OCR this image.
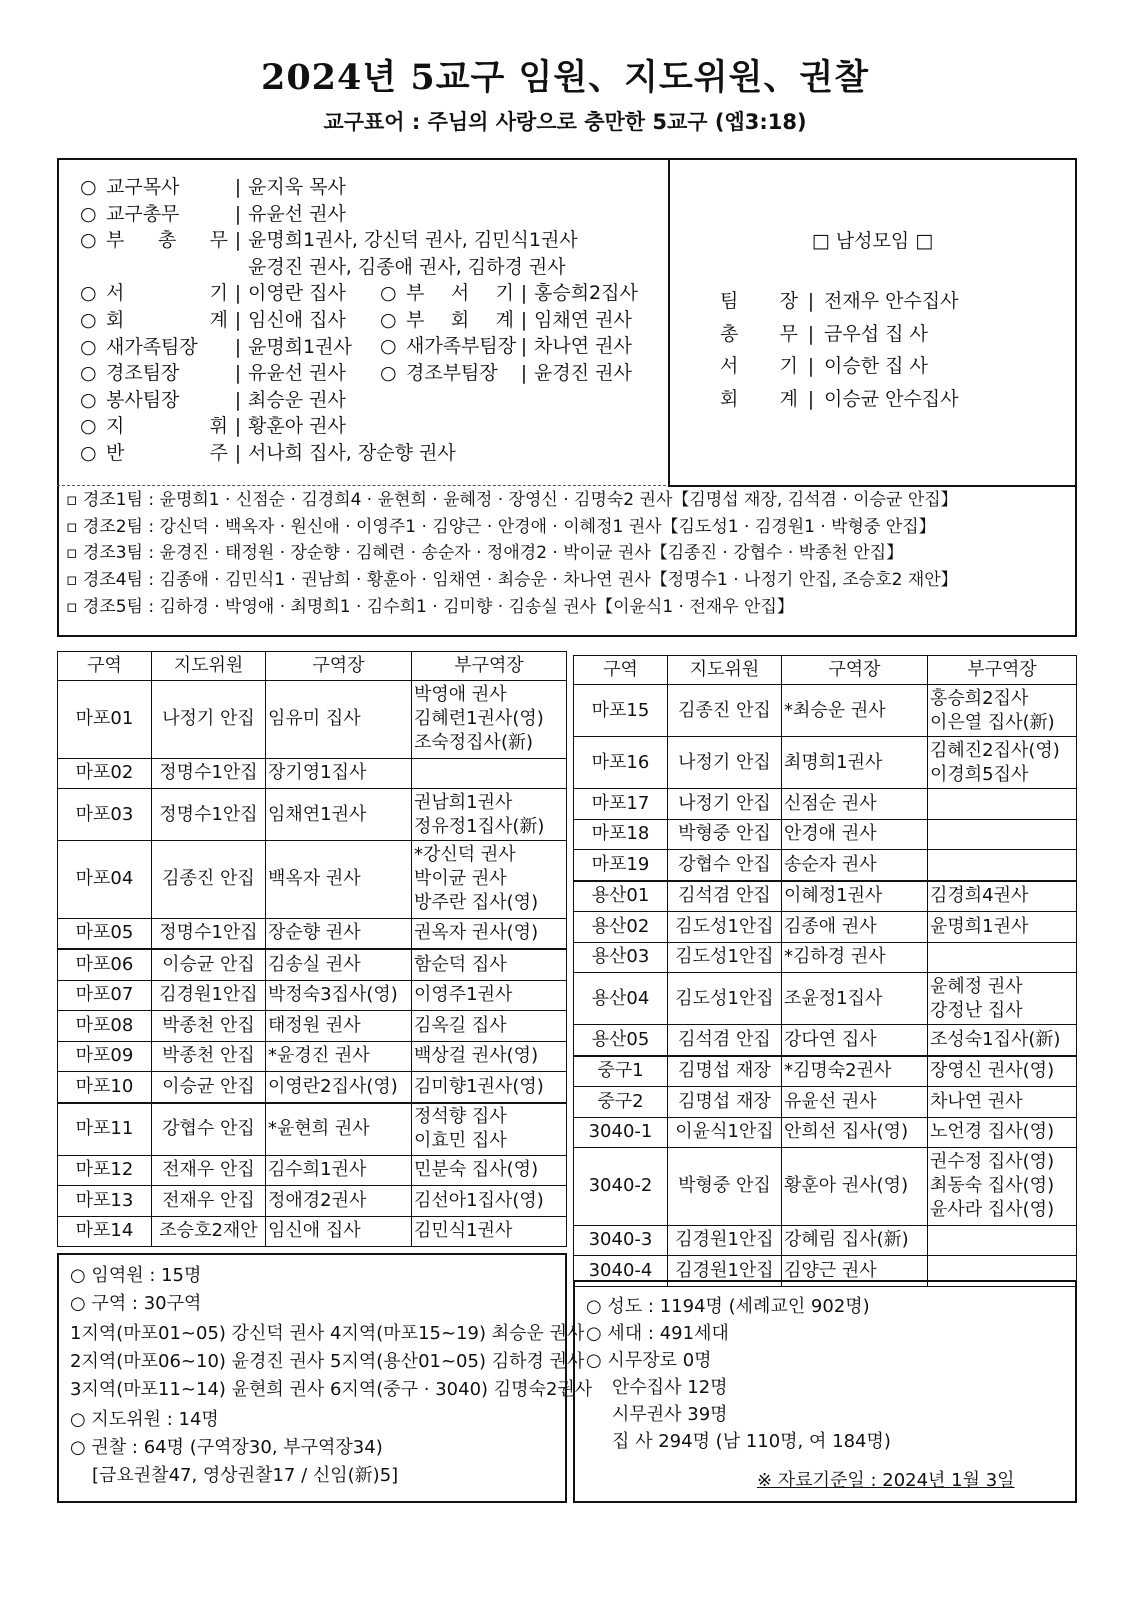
2024년 5교구 임원、지도위원、권찰
교구표어 : 주님의 사랑으로 충만한 5교구 (엡3:18)
○ 교구목사	| 윤지욱 목사
○ 교구총무	| 유윤선 권사
○ 부 총 무 | 윤명희1권사, 강신덕 권사, 김민식1권사
윤경진 권사, 김종애 권사, 김하경 권사
○ 서 기 | 이영란 집사
○ 회 계 | 임신애 집사
○ 새가족팀장 | 윤명희1권사
○ 경조팀장	| 유윤선 권사
○ 봉사팀장	| 최승운 권사
○ 지 휘 | 황훈아 권사
○ 반 주 | 서나희 집사, 장순향 권사
○ 부 서 기 | 홍승희2집사
○ 부 회 계 | 임채연 권사
○ 새가족부팀장 | 차나연 권사
○ 경조부팀장 | 윤경진 권사
□ 남성모임 □
팀 장 | 전재우 안수집사
총 무 | 금우섭 집 사
서 기 | 이승한 집 사
회 계 | 이승균 안수집사
▫ 경조1팀 : 윤명희1 · 신점순 · 김경희4 · 윤현희 · 윤혜정 · 장영신 · 김명숙2 권사【김명섭 재장, 김석겸 · 이승균 안집】
▫ 경조2팀 : 강신덕 · 백옥자 · 원신애 · 이영주1 · 김양근 · 안경애 · 이혜정1 권사【김도성1 · 김경원1 · 박형중 안집】
▫ 경조3팀 : 윤경진 · 태정원 · 장순향 · 김혜련 · 송순자 · 정애경2 · 박이균 권사【김종진 · 강협수 · 박종천 안집】
▫ 경조4팀 : 김종애 · 김민식1 · 권남희 · 황훈아 · 임채연 · 최승운 · 차나연 권사【정명수1 · 나정기 안집, 조승호2 재안】
▫ 경조5팀 : 김하경 · 박영애 · 최명희1 · 김수희1 · 김미향 · 김송실 권사【이윤식1 · 전재우 안집】
구역	지도위원	구역장	부구역장
마포01	나정기 안집	임유미 집사	박영애 권사
김혜련1권사(영)
조숙정집사(新)

마포02	정명수1안집	장기영1집사	
마포03	정명수1안집	임채연1권사	권남희1권사
정유정1집사(新)

마포04	김종진 안집	백옥자 권사	*강신덕 권사
박이균 권사
방주란 집사(영)

마포05	정명수1안집	장순향 권사	권옥자 권사(영)

마포06	이승균 안집	김송실 권사	함순덕 집사

마포07	김경원1안집	박정숙3집사(영)	이영주1권사

마포08	박종천 안집	태정원 권사	김옥길 집사

마포09	박종천 안집	*윤경진 권사	백상걸 권사(영)

마포10	이승균 안집	이영란2집사(영)	김미향1권사(영)

마포11	강협수 안집	*윤현희 권사	정석향 집사
이효민 집사

마포12	전재우 안집	김수희1권사	민분숙 집사(영)

마포13	전재우 안집	정애경2권사	김선아1집사(영)

마포14	조승호2재안	임신애 집사	김민식1권사
구역	지도위원	구역장	부구역장
마포15	김종진 안집	*최승운 권사	홍승희2집사
이은열 집사(新)

마포16	나정기 안집	최명희1권사	김혜진2집사(영)
이경희5집사

마포17	나정기 안집	신점순 권사	
마포18	박형중 안집	안경애 권사	
마포19	강협수 안집	송순자 권사	
용산01	김석겸 안집	이혜정1권사	김경희4권사

용산02	김도성1안집	김종애 권사	윤명희1권사

용산03	김도성1안집	*김하경 권사	
용산04	김도성1안집	조윤정1집사	윤혜정 권사
강정난 집사

용산05	김석겸 안집	강다연 집사	조성숙1집사(新)

중구1	김명섭 재장	*김명숙2권사	장영신 권사(영)

중구2	김명섭 재장	유윤선 권사	차나연 권사

3040-1	이윤식1안집	안희선 집사(영)	노언경 집사(영)

3040-2	박형중 안집	황훈아 권사(영)	권수정 집사(영)
최동숙 집사(영)
윤사라 집사(영)

3040-3	김경원1안집	강혜림 집사(新)	
3040-4	김경원1안집	김양근 권사	
○ 임역원 : 15명
○ 구역 : 30구역
1지역(마포01~05) 강신덕 권사 4지역(마포15~19) 최승운 권사
2지역(마포06~10) 윤경진 권사 5지역(용산01~05) 김하경 권사
3지역(마포11~14) 윤현희 권사 6지역(중구 · 3040) 김명숙2권사
○ 지도위원 : 14명
○ 권찰 : 64명 (구역장30, 부구역장34)
[금요권찰47, 영상권찰17 / 신임(新)5]
○ 성도 : 1194명 (세례교인 902명)
○ 세대 : 491세대
○ 시무장로 0명
안수집사 12명
시무권사 39명
집 사 294명 (남 110명, 여 184명)
※ 자료기준일 : 2024년 1월 3일
